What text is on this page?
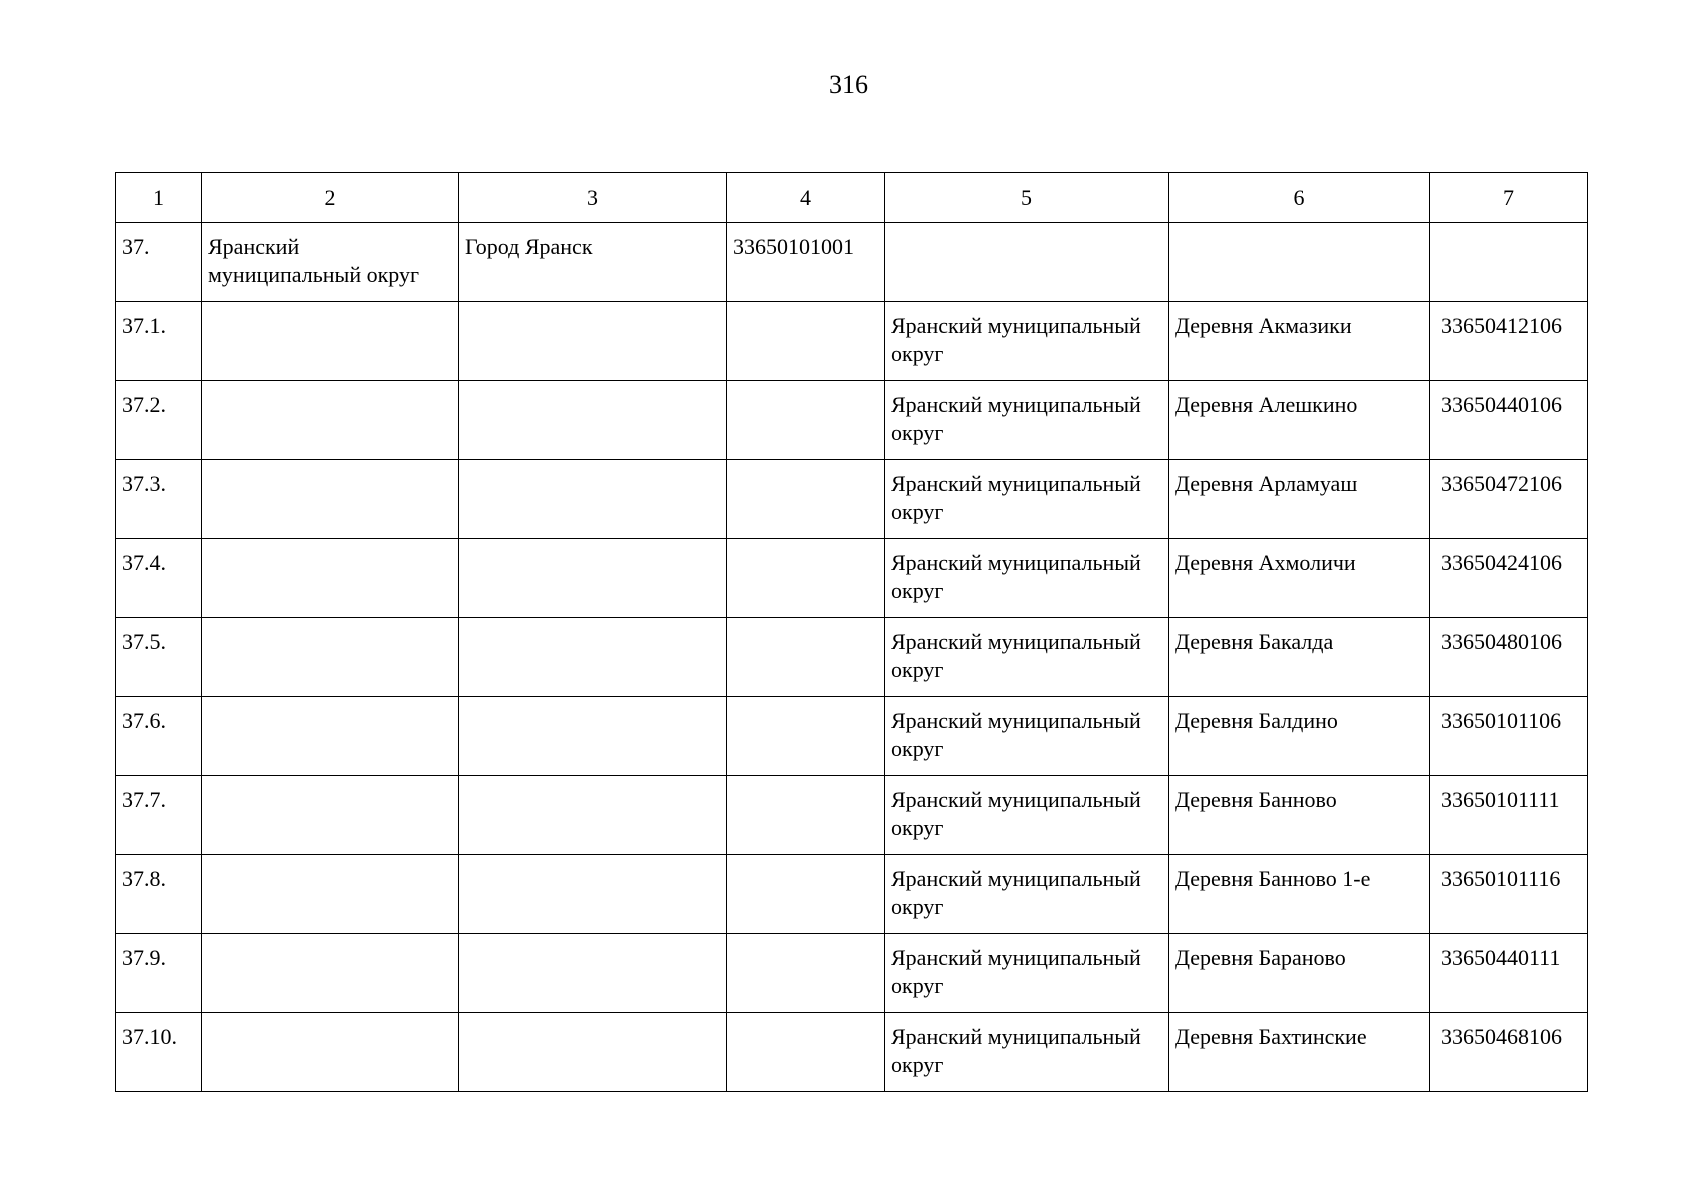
316
1	2	3	4	5	6	7
37.	Яранский муниципальный округ	Город Яранск	33650101001			
37.1.				Яранский муниципальный округ	Деревня Акмазики	33650412106
37.2.				Яранский муниципальный округ	Деревня Алешкино	33650440106
37.3.				Яранский муниципальный округ	Деревня Арламуаш	33650472106
37.4.				Яранский муниципальный округ	Деревня Ахмоличи	33650424106
37.5.				Яранский муниципальный округ	Деревня Бакалда	33650480106
37.6.				Яранский муниципальный округ	Деревня Балдино	33650101106
37.7.				Яранский муниципальный округ	Деревня Банново	33650101111
37.8.				Яранский муниципальный округ	Деревня Банново 1-е	33650101116
37.9.				Яранский муниципальный округ	Деревня Бараново	33650440111
37.10.				Яранский муниципальный округ	Деревня Бахтинские	33650468106
